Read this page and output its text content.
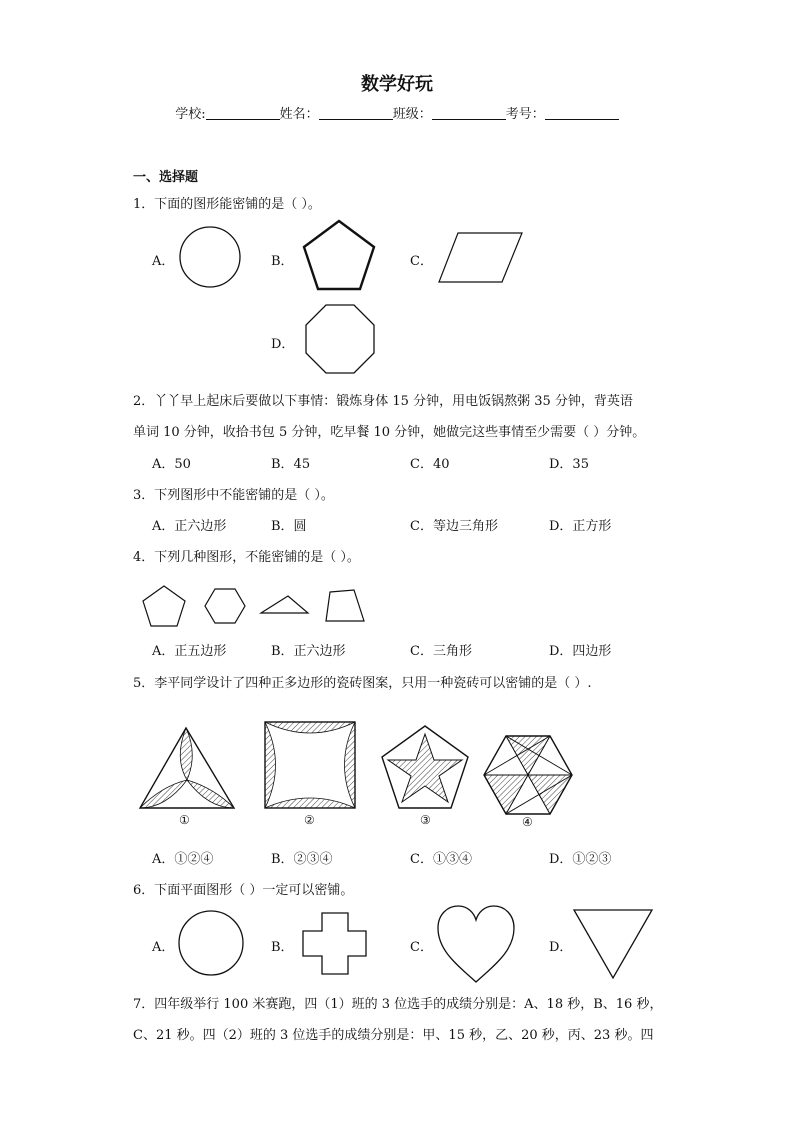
数学好玩
学校:	姓名：	班级：	考号：
一、选择题
1．下面的图形能密铺的是（ ）。
A．	B．	C．
D．
2．丫丫早上起床后要做以下事情：锻炼身体 15 分钟，用电饭锅熬粥 35 分钟，背英语
单词 10 分钟，收拾书包 5 分钟，吃早餐 10 分钟，她做完这些事情至少需要（ ）分钟。
A．50	B．45	C．40	D．35
3．下列图形中不能密铺的是（ ）。
A．正六边形	B．圆	C．等边三角形	D．正方形
4．下列几种图形，不能密铺的是（ ）。
A．正五边形	B．正六边形	C．三角形	D．四边形
5．李平同学设计了四种正多边形的瓷砖图案，只用一种瓷砖可以密铺的是（ ）.
①	②	③	④
A．①②④	B．②③④	C．①③④	D．①②③
6．下面平面图形（ ）一定可以密铺。
A．	B．	C．	D．
7．四年级举行 100 米赛跑，四（1）班的 3 位选手的成绩分别是：A、18 秒，B、16 秒，
C、21 秒。四（2）班的 3 位选手的成绩分别是：甲、15 秒，乙、20 秒，丙、23 秒。四
